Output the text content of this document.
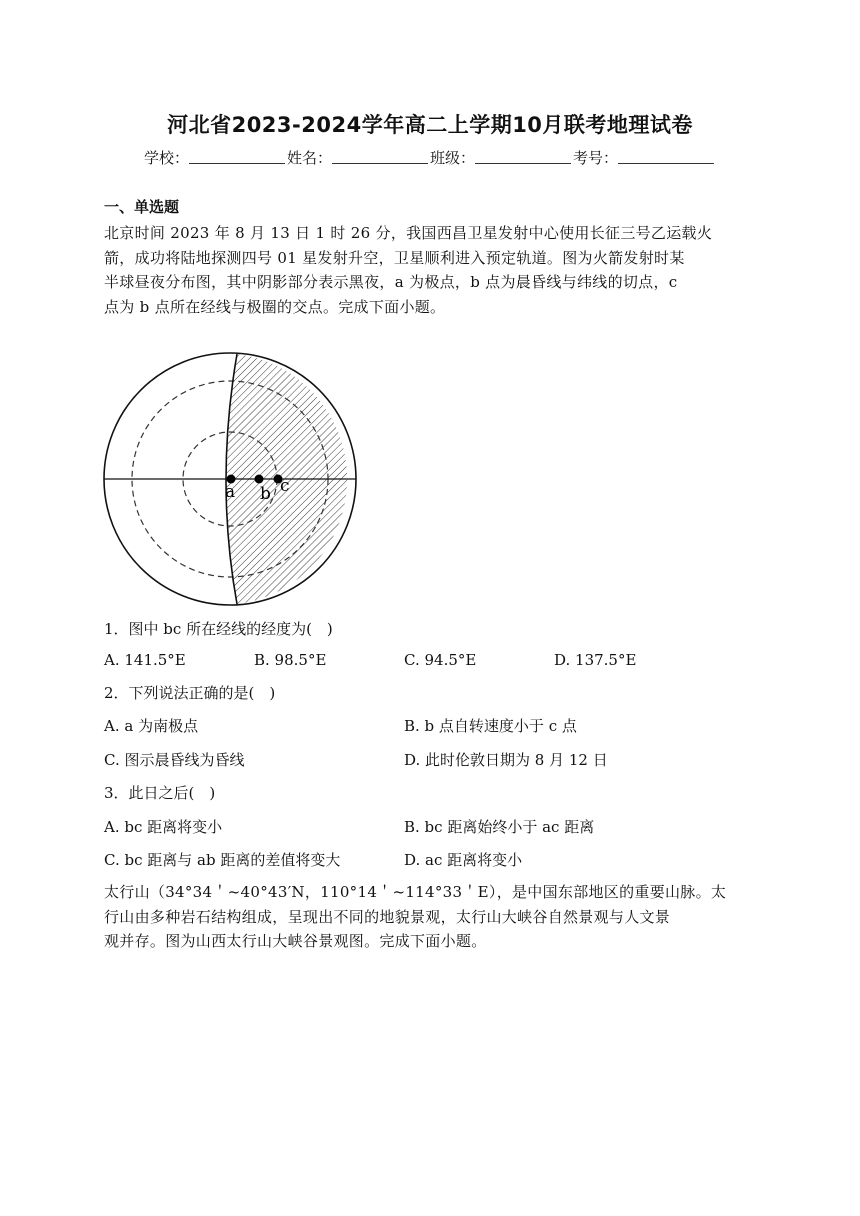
河北省2023-2024学年高二上学期10月联考地理试卷
学校：	姓名：	班级：	考号：
一、单选题
北京时间 2023 年 8 月 13 日 1 时 26 分，我国西昌卫星发射中心使用长征三号乙运载火
箭，成功将陆地探测四号 01 星发射升空，卫星顺利进入预定轨道。图为火箭发射时某
半球昼夜分布图，其中阴影部分表示黑夜，a 为极点，b 点为晨昏线与纬线的切点，c
点为 b 点所在经线与极圈的交点。完成下面小题。
a b c
1．图中 bc 所在经线的经度为(　)
A. 141.5°E	B. 98.5°E	C. 94.5°E	D. 137.5°E
2．下列说法正确的是(　)
A. a 为南极点	B. b 点自转速度小于 c 点
C. 图示晨昏线为昏线	D. 此时伦敦日期为 8 月 12 日
3．此日之后(　)
A. bc 距离将变小	B. bc 距离始终小于 ac 距离
C. bc 距离与 ab 距离的差值将变大	D. ac 距离将变小
太行山（34°34＇~40°43′N，110°14＇~114°33＇E），是中国东部地区的重要山脉。太
行山由多种岩石结构组成，呈现出不同的地貌景观，太行山大峡谷自然景观与人文景
观并存。图为山西太行山大峡谷景观图。完成下面小题。
